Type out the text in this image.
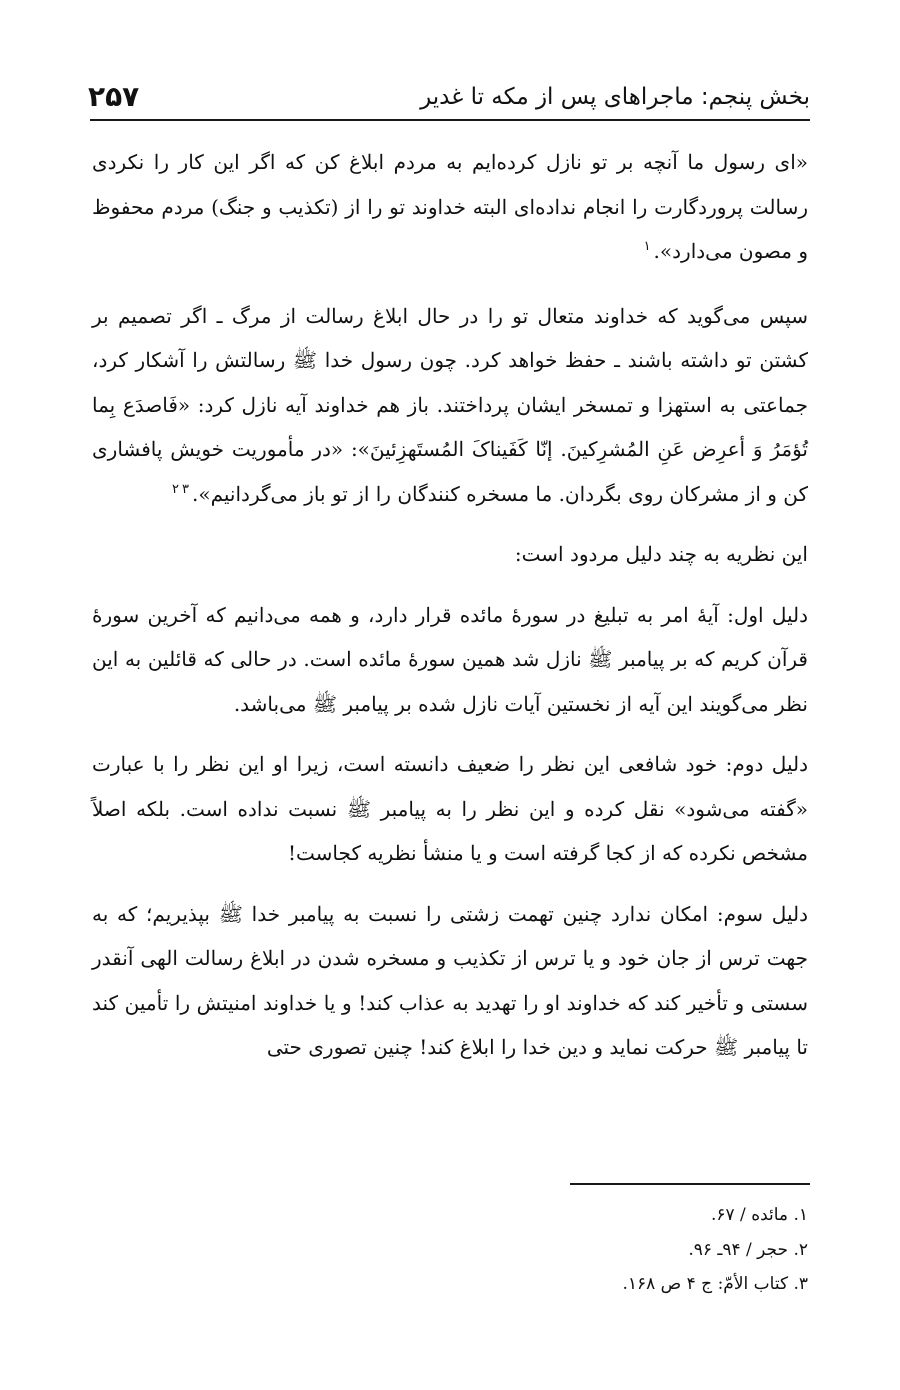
بخش پنجم: ماجراهای پس از مکه تا غدیر
۲۵۷

«ای رسول ما آنچه بر تو نازل کرده‌ایم به مردم ابلاغ کن که اگر این کار را نکردی رسالت پروردگارت را انجام نداده‌ای البته خداوند تو را از (تکذیب و جنگ) مردم محفوظ و مصون می‌دارد».$^۱$

سپس می‌گوید که خداوند متعال تو را در حال ابلاغ رسالت از مرگ ـ اگر تصمیم بر کشتن تو داشته باشند ـ حفظ خواهد کرد. چون رسول خدا ﷺ رسالتش را آشکار کرد، جماعتی به استهزا و تمسخر ایشان پرداختند. باز هم خداوند آیه نازل کرد: «فَاصدَع بِما تُؤمَرُ وَ أعرِض عَنِ المُشرِکینَ. إنّا کَفَیناکَ المُستَهزِئینَ»: «در مأموریت خویش پافشاری کن و از مشرکان روی بگردان. ما مسخره کنندگان را از تو باز می‌گردانیم».$^۲$ $^۳$

این نظریه به چند دلیل مردود است:

دلیل اول: آیهٔ امر به تبلیغ در سورهٔ مائده قرار دارد، و همه می‌دانیم که آخرین سورهٔ قرآن کریم که بر پیامبر ﷺ نازل شد همین سورهٔ مائده است. در حالی که قائلین به این نظر می‌گویند این آیه از نخستین آیات نازل شده بر پیامبر ﷺ می‌باشد.

دلیل دوم: خود شافعی این نظر را ضعیف دانسته است، زیرا او این نظر را با عبارت «گفته می‌شود» نقل کرده و این نظر را به پیامبر ﷺ نسبت نداده است. بلکه اصلاً مشخص نکرده که از کجا گرفته است و یا منشأ نظریه کجاست!

دلیل سوم: امکان ندارد چنین تهمت زشتی را نسبت به پیامبر خدا ﷺ بپذیریم؛ که به جهت ترس از جان خود و یا ترس از تکذیب و مسخره شدن در ابلاغ رسالت الهی آنقدر سستی و تأخیر کند که خداوند او را تهدید به عذاب کند! و یا خداوند امنیتش را تأمین کند تا پیامبر ﷺ حرکت نماید و دین خدا را ابلاغ کند! چنین تصوری حتی

۱. مائده / ۶۷.
۲. حجر / ۹۴ـ ۹۶.
۳. کتاب الأمّ: ج ۴ ص ۱۶۸.
